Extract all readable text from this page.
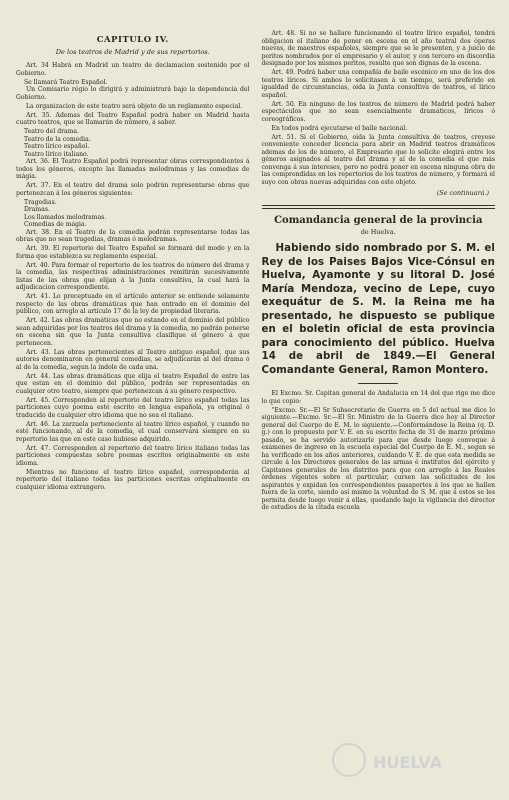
CAPITULO IV.
De los teatros de Madrid y de sus repertorios.

Art. 34 Habrá en Madrid un teatro de declamacion sostenido por el Gobierno.

Se llamará Teatro Español.

Un Comisario régio lo dirigirá y administrará bajo la dependencia del Gobierno.

La organizacion de este teatro será objeto de un reglamento especial.

Art. 35. Ademas del Teatro Español podrá haber en Madrid hasta cuatro teatros, que se llamarán de número, á saber.

Teatro del drama.

Teatro de la comedia.

Teatro lírico español.

Teatro lírico italiano.

Art. 36. El Teatro Español podrá representar obras correspondientes á todos los géneros, excepto las llamadas melodramas y las comedias de mágia.

Art. 37. En el teatro del drama solo podrán representarse obras que pertenezcan á los géneros siguientes:

Tragedias.

Dramas.

Los llamados melodramas.

Comedias de mágia.

Art. 38. En el Teatro de la comedia podrán representarse todas las obras que no sean tragedias, dramas ó melodramas.

Art. 39. El repertorio del Teatro Español se formará del modo y en la forma que establezca su reglamento especial.

Art. 40. Para formar el repertorio de los teatros de número del drama y la comedia, las respectivas administraciones remitirán sucesivamente listas de las obras que elijan á la Junta consultiva, la cual hará la adjudicacion correspondiente.

Art. 41. Lo preceptuado en el artículo anterior se entiende solamente respecto de las obras dramáticas que han entrado en el dominio del público, con arreglo al artículo 17 de la ley de propiedad literaria.

Art. 42. Las obras dramáticas que no estando en el dominio del público sean adquiridas por los teatros del drama y la comedia, no podrán ponerse en escena sin que la Junta consultiva clasifique el género á que pertenecen.

Art. 43. Las obras pertenecientes al Teatro antiguo español, que sus autores denominaron en general comedias, se adjudicarán al del drama ó al de la comedia, segun la índole de cada una.

Art. 44. Las obras dramáticas que elija el teatro Español de entre las que estan en el dominio del público, podrán ser representadas en cualquier otro teatro, siempre que pertenezcan á su género respectivo.

Art. 45. Corresponden al repertorio del teatro lírico español todas las particiones cuyo poema esté escrito en lengua española, ya original ó traducido de cualquier otro idioma que no sea el italiano.

Art. 46. La zarzuela perteneciente al teatro lírico español, y cuando no esté funcionando, al de la comedia, el cual conservará siempre en su repertorio las que en este caso hubiese adquirido.

Art. 47. Corresponden al repertorio del teatro lírico italiano todas las particiones compuestas sobre poemas escritos originalmente en este idioma.

Mientras no funcione el teatro lírico español, corresponderán al repertorio del italiano todas las particiones escritas originalmente en cualquier idioma extrangero.

Art. 48. Si no se hallare funcionando el teatro lírico español, tendrá obligacion el italiano de poner en escena en el año teatral dos óperas nuevas, de maestros españoles, siempre que se le presenten, y a juicio de peritos nombrados por el empresario y el autor, y con tercero en discordia designado por los mismos peritos, resulte que son dignas de la escena.

Art. 49. Podrá haber una compañía de baile escénico en uno de los dos teatros líricos. Si ambos lo solicitasen á un tiempo, será preferido en igualdad de circunstancias, oida la Junta consultiva de teatros, el lírico español.

Art. 50. En ninguno de los teatros de número de Madrid podrá haber espectáculos que no sean esencialmente dramáticos, líricos ó coreográficos.

En todos podrá ejecutarse el baile nacional.

Art. 51. Si el Gobierno, oida la Junta consultiva de teatros, creyese conveniente conceder licencia para abrir en Madrid teatros dramáticos ademas de los de número, el Empresario que lo solicite elegirá entre los géneros asignados al teatro del drama y al de la comedia el que más convenga á sus intereses, pero no podrá poner en escena ninguna obra de las comprendidas en los repertorios de los teatros de número, y formará el suyo con obras nuevas adquiridas con este objeto.

(Se continuará.)
Comandancia general de la provincia
de Huelva.

Habiendo sido nombrado por S. M. el Rey de los Paises Bajos Vice-Cónsul en Huelva, Ayamonte y su litoral D. José María Mendoza, vecino de Lepe, cuyo exequátur de S. M. la Reina me ha presentado, he dispuesto se publique en el boletin oficial de esta provincia para conocimiento del público. Huelva 14 de abril de 1849.—El General Comandante General, Ramon Montero.

El Excmo. Sr. Capitan general de Andalucia en 14 del que rige me dice lo que copio:

"Excmo. Sr.—El Sr Subsecretario de Guerra en 5 del actual me dice lo siguiente.—Excmo. Sr.—El Sr. Ministro de la Guerra dice hoy al Director general del Cuerpo de E. M. lo siguiente.—Conformándose la Reina (q. D. g.) con lo propuesto por V. E. en su escrito fecha de 31 de marzo próximo pasado, se ha servido autorizarle para que desde luego convoque á exámenes de ingreso en la escuela especial del Cuerpo de E. M., segun se ha verificado en los años anteriores, cuidando V. E. de que esta medida se circule á los Directores generales de las armas é institutos del ejército y Capitanes generales de los distritos para que con arreglo á las Reales órdenes vigentes sobre el particular, cursen las solicitudes de los aspirantes y expidan los correspondientes pasaportes á los que se hallen fuera de la corte, siendo así mismo la voluntad de S. M. que á estos se les permita desde luego venir á ellas, quedando bajo la vigilancia del director de estudios de la citada escuela

HUELVA
